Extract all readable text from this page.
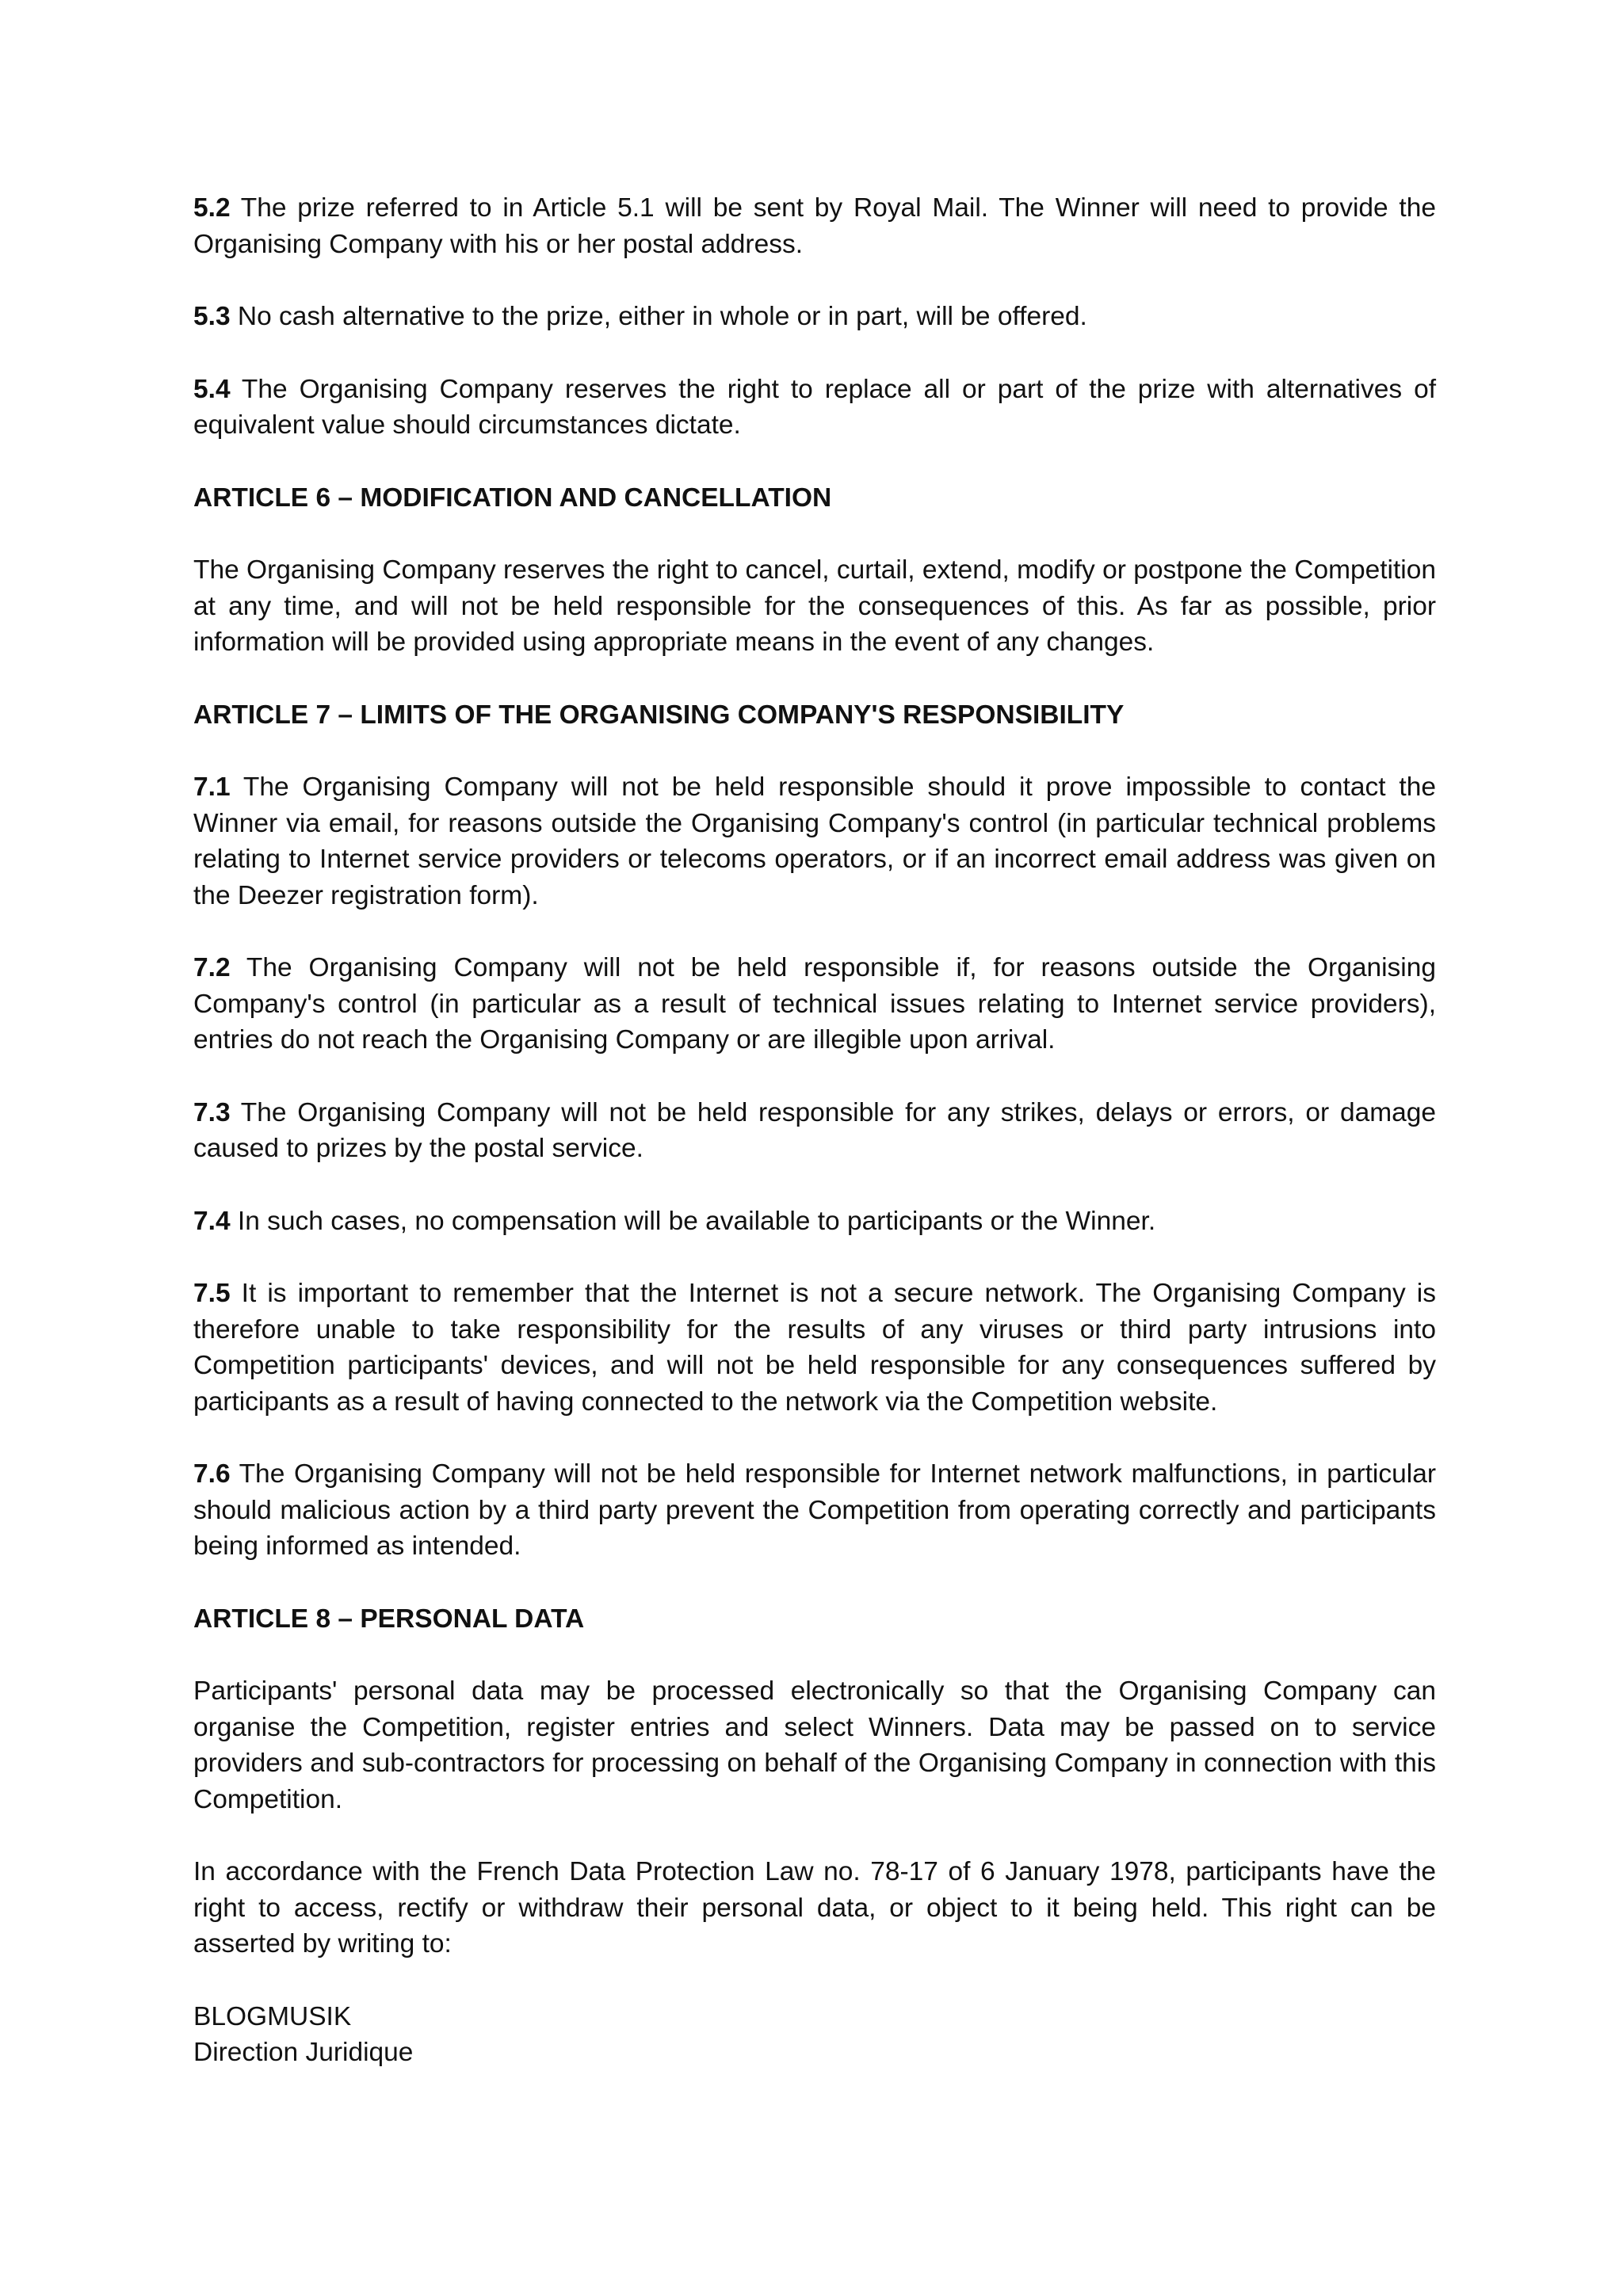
5.2 The prize referred to in Article 5.1 will be sent by Royal Mail. The Winner will need to provide the Organising Company with his or her postal address.

5.3 No cash alternative to the prize, either in whole or in part, will be offered.

5.4 The Organising Company reserves the right to replace all or part of the prize with alternatives of equivalent value should circumstances dictate.

ARTICLE 6 – MODIFICATION AND CANCELLATION

The Organising Company reserves the right to cancel, curtail, extend, modify or postpone the Competition at any time, and will not be held responsible for the consequences of this. As far as possible, prior information will be provided using appropriate means in the event of any changes.

ARTICLE 7 – LIMITS OF THE ORGANISING COMPANY'S RESPONSIBILITY

7.1 The Organising Company will not be held responsible should it prove impossible to contact the Winner via email, for reasons outside the Organising Company's control (in particular technical problems relating to Internet service providers or telecoms operators, or if an incorrect email address was given on the Deezer registration form).

7.2 The Organising Company will not be held responsible if, for reasons outside the Organising Company's control (in particular as a result of technical issues relating to Internet service providers), entries do not reach the Organising Company or are illegible upon arrival.

7.3 The Organising Company will not be held responsible for any strikes, delays or errors, or damage caused to prizes by the postal service.

7.4 In such cases, no compensation will be available to participants or the Winner.

7.5 It is important to remember that the Internet is not a secure network. The Organising Company is therefore unable to take responsibility for the results of any viruses or third party intrusions into Competition participants' devices, and will not be held responsible for any consequences suffered by participants as a result of having connected to the network via the Competition website.

7.6 The Organising Company will not be held responsible for Internet network malfunctions, in particular should malicious action by a third party prevent the Competition from operating correctly and participants being informed as intended.

ARTICLE 8 – PERSONAL DATA

Participants' personal data may be processed electronically so that the Organising Company can organise the Competition, register entries and select Winners. Data may be passed on to service providers and sub-contractors for processing on behalf of the Organising Company in connection with this Competition.

In accordance with the French Data Protection Law no. 78-17 of 6 January 1978, participants have the right to access, rectify or withdraw their personal data, or object to it being held. This right can be asserted by writing to:

BLOGMUSIK
Direction Juridique
